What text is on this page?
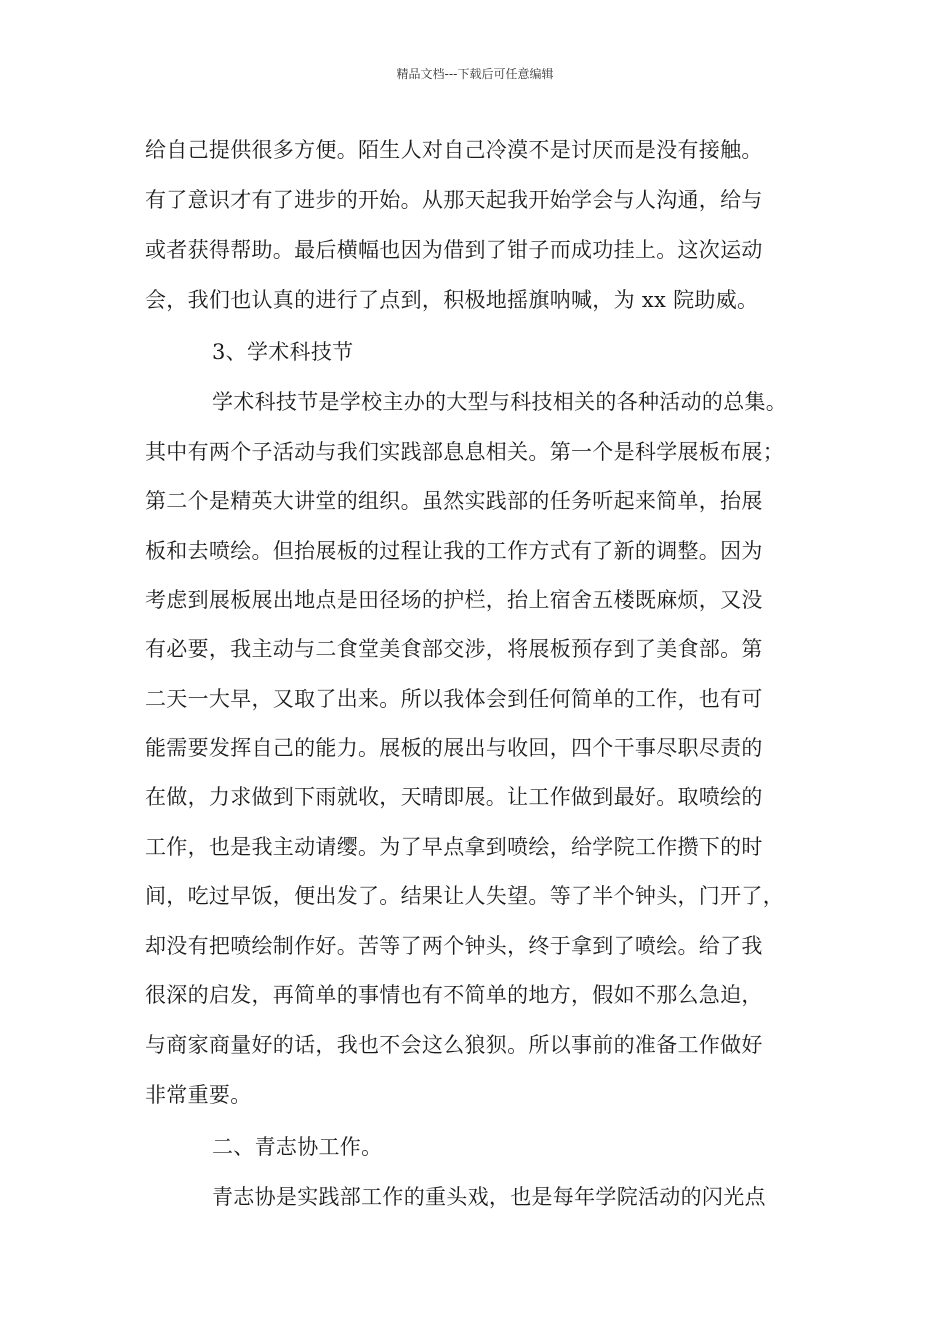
精品文档---下载后可任意编辑
给自己提供很多方便。陌生人对自己冷漠不是讨厌而是没有接触。
有了意识才有了进步的开始。从那天起我开始学会与人沟通，给与
或者获得帮助。最后横幅也因为借到了钳子而成功挂上。这次运动
会，我们也认真的进行了点到，积极地摇旗呐喊，为 xx 院助威。
3、学术科技节
学术科技节是学校主办的大型与科技相关的各种活动的总集。
其中有两个子活动与我们实践部息息相关。第一个是科学展板布展；
第二个是精英大讲堂的组织。虽然实践部的任务听起来简单，抬展
板和去喷绘。但抬展板的过程让我的工作方式有了新的调整。因为
考虑到展板展出地点是田径场的护栏，抬上宿舍五楼既麻烦，又没
有必要，我主动与二食堂美食部交涉，将展板预存到了美食部。第
二天一大早，又取了出来。所以我体会到任何简单的工作，也有可
能需要发挥自己的能力。展板的展出与收回，四个干事尽职尽责的
在做，力求做到下雨就收，天晴即展。让工作做到最好。取喷绘的
工作，也是我主动请缨。为了早点拿到喷绘，给学院工作攒下的时
间，吃过早饭，便出发了。结果让人失望。等了半个钟头，门开了，
却没有把喷绘制作好。苦等了两个钟头，终于拿到了喷绘。给了我
很深的启发，再简单的事情也有不简单的地方，假如不那么急迫，
与商家商量好的话，我也不会这么狼狈。所以事前的准备工作做好
非常重要。
二、青志协工作。
青志协是实践部工作的重头戏，也是每年学院活动的闪光点
